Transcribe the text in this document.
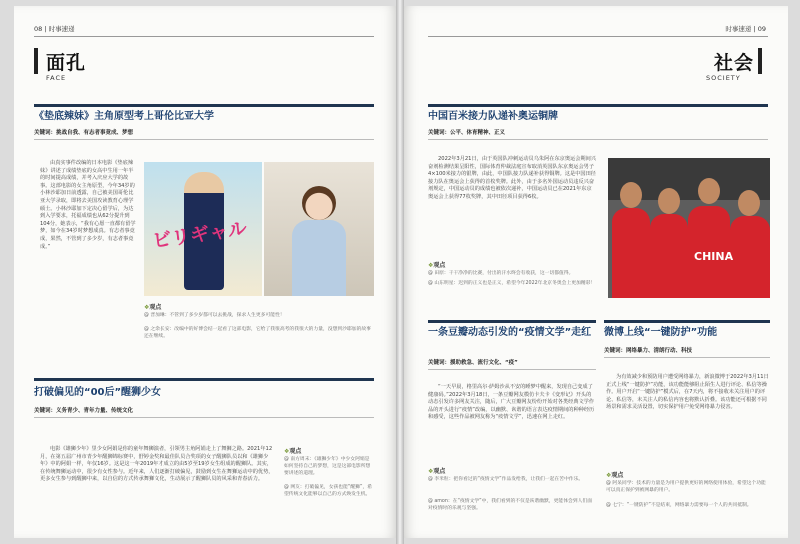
08 | 时事速递
面孔
FACE
《垫底辣妹》主角原型考上哥伦比亚大学
关键词：挑战自我、有志者事竟成、梦想
由真实事件改编的日本电影《垫底辣妹》讲述了成绩垫底的女高中生用一年半的时间提高成绩，并考入庆应大学的故事。这部电影的女主角原型，今年34岁的小林沙耶加日前透露，自己被美国哥伦比亚大学录取，即将去美国攻读教育心理学硕士。小林沙耶加下定决心留学后，为达到入学要求，托福成绩也从62分提升到104分，她表示，“我有心愿一直都有留学梦，如今在34岁时梦想成真。有志者事竟成，果然，不管到了多少岁，有志者事竟成。”	ビリギャル
❖ 观点
@ 晋加琳：不管到了多少岁都可以去挑战，探求人生更多可能性！
@ 之余长安：改编中的好博会结一起看了这部电影，它给了我很高考的我很大的力量，没想到沙耶加的故事还在继续。
打破偏见的“00后”醒狮少女
关键词：义务青少、青年力量、传统文化
电影《雄狮少年》里少女阿娟是你的童年舞狮演者，引领男主角阿娟走上了舞狮之路。2021年12月，在第五届广州市青少年醒狮锦标赛中，舒婷金奖和最佳队员合奖项的女子醒狮队员以和《雄狮少年》中的阿娟一样，年仅16岁。这是这一年2019年才成立的由5岁至19岁女生组成的醒狮队。其实，在传统舞狮运动中，很少有女性参与。近年来，人们逐渐打破偏见，鼓励到女生在舞狮运动中的优势，更多女生参与到醒狮中来，以自信的方式传承舞狮文化，生动展示了醒狮队员的风采和青春活力。
❖ 观点
@ 南方周末：《雄狮少年》中少女阿娟是如何坚持自己的梦想，这是这部电影所想要讲述的道理。
@ 网友：打破偏见，女孩也能“醒狮”，希望传统文化能够以自己的方式焕发生机。
时事速递 | 09
社会
SOCIETY
中国百米接力队递补奥运铜牌
关键词：公平、体育精神、正义
2022年3月21日，由于英国队冲刺运动员乌朱阿在东京奥运会期间兴奋剂检测结果呈阳性，国际体育仲裁法庭宣布取消英国队东京奥运会男子4×100米接力的银牌，由此，中国队接力队递补获得铜牌。这是中国田径接力队在奥运会上获得的首枚奖牌。此外，由于多名外国运动员违反兴奋剂规定，中国运动员的成绩也被依次递补，中国运动员已在2021年东京奥运会上获得77枚奖牌，其中田径项目获得6枚。
CHINA
❖ 观点
@ 田原：干干净净的比赛，付出的汗水终会有收获，这一切都值得。
@ 山东明星：迟到的正义也是正义，希望今年2022年北京冬奥会上更加精彩！
一条豆瓣动态引发的“疫情文学”走红
关键词：援助救急、流行文化、“疫”
“一天早晨，格里高尔·萨姆沙从不安的睡梦中醒来，发现自己变成了健康码。”2022年3月18日，一条豆瓣网友模仿卡夫卡《变形记》开头的动态引发许多网友关注，随后，广大豆瓣网友纷纷开始对各类经典文学作品的开头进行“疫情”改编，以幽默、诙谐的语言表达疫情期间的种种经历和感受，这些作品被网友称为“疫情文学”，迅速在网上走红。
❖ 观点
@ 李米粒：把你看过的“疫情文学”作品发给我，让我们一起在苦中作乐。
@ amon：在“疫情文学”中，我们看到的不仅是诙谐幽默，更能体会到人们面对疫情时的乐观与坚强。
微博上线“一键防护”功能
关键词：网络暴力、清朗行动、科技
为有效减少和预防用户遭受网络暴力，新浪微博于2022年3月11日正式上线“一键防护”功能，该功能能够阻止陌生人进行评论、私信等操作。用户开启“一键防护”模式后，在7天内，将不接收未关注用户的评论、私信等，未关注人的私信内容也将默认折叠。该功能还可根据不同场景和需求灵活设置，切实保护用户免受网络暴力侵害。
❖ 观点
@ 阿呆同学：技术的力量是为用户提供更好的网络使用体验，希望这个功能可以真正保护到被网暴的用户。
@ 七宁：“一键防护”不是结束，网络暴力需要每一个人的共同抵制。
